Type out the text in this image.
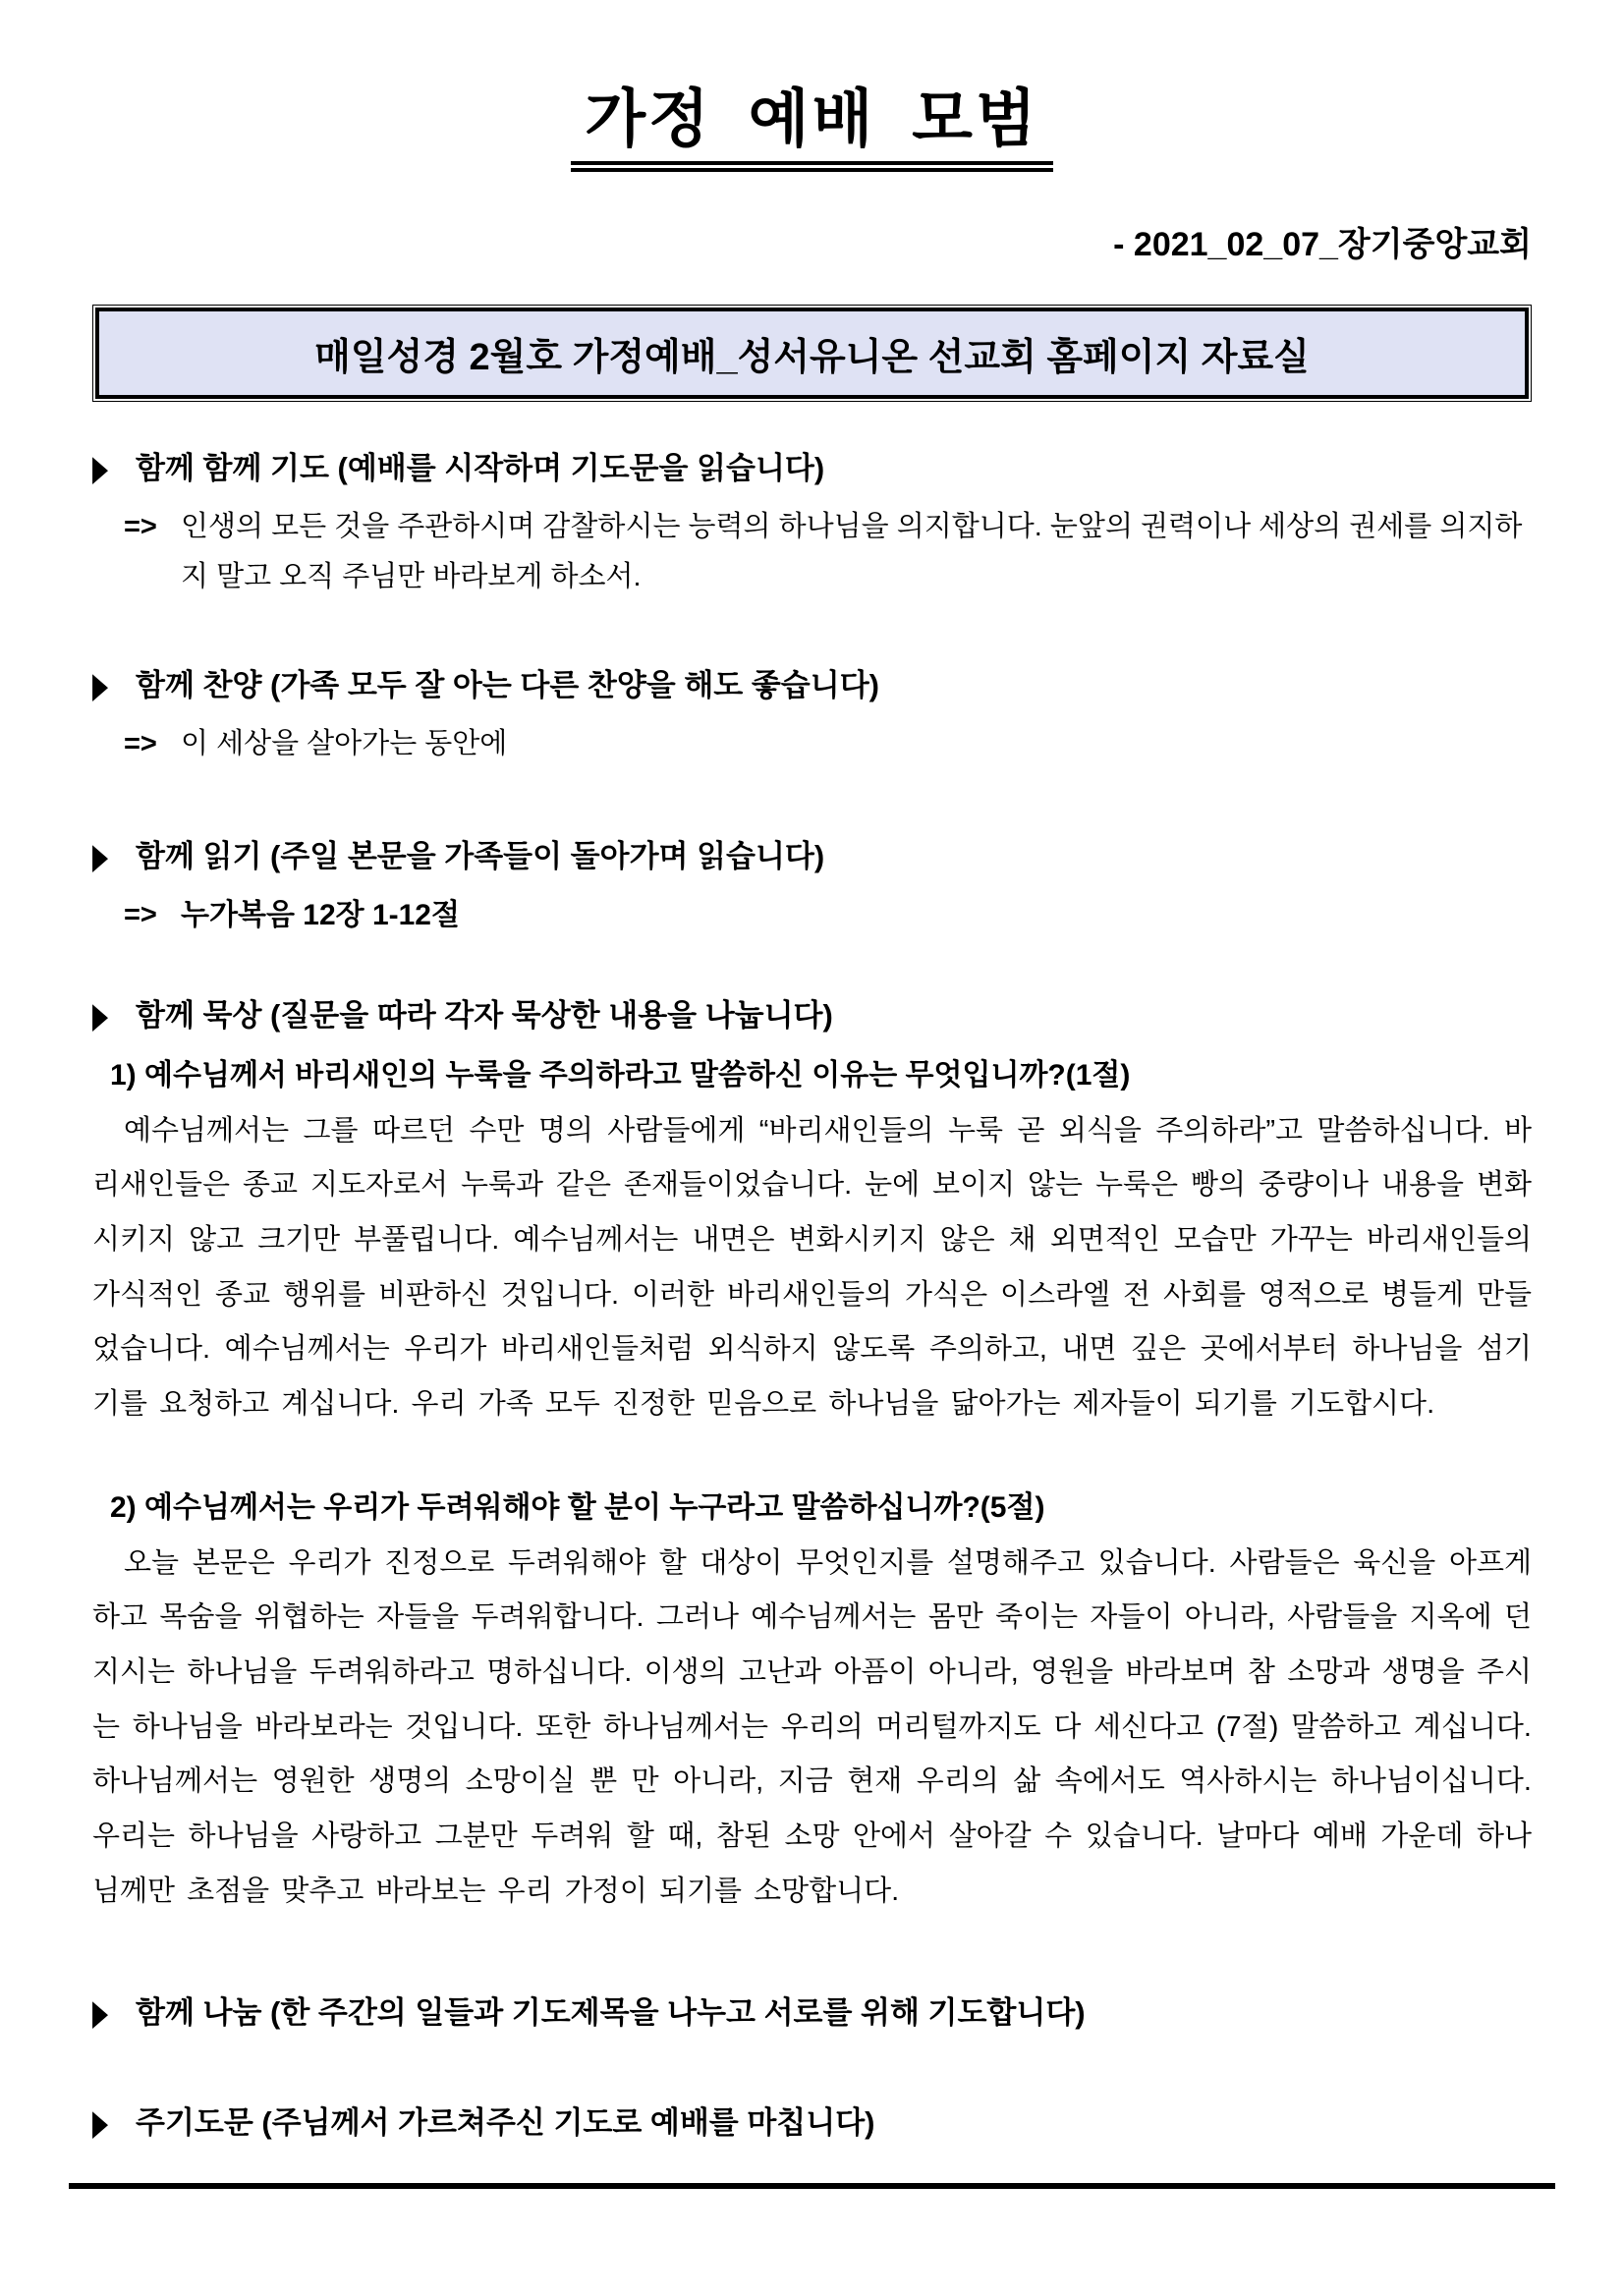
가정 예배 모범
- 2021_02_07_장기중앙교회
매일성경 2월호 가정예배_성서유니온 선교회 홈페이지 자료실
▶ 함께 함께 기도 (예배를 시작하며 기도문을 읽습니다)
=> 인생의 모든 것을 주관하시며 감찰하시는 능력의 하나님을 의지합니다. 눈앞의 권력이나 세상의 권세를 의지하지 말고 오직 주님만 바라보게 하소서.
▶ 함께 찬양 (가족 모두 잘 아는 다른 찬양을 해도 좋습니다)
=> 이 세상을 살아가는 동안에
▶ 함께 읽기 (주일 본문을 가족들이 돌아가며 읽습니다)
=> 누가복음 12장 1-12절
▶ 함께 묵상 (질문을 따라 각자 묵상한 내용을 나눕니다)
1) 예수님께서 바리새인의 누룩을 주의하라고 말씀하신 이유는 무엇입니까?(1절)

예수님께서는 그를 따르던 수만 명의 사람들에게 “바리새인들의 누룩 곧 외식을 주의하라”고 말씀하십니다. 바리새인들은 종교 지도자로서 누룩과 같은 존재들이었습니다. 눈에 보이지 않는 누룩은 빵의 중량이나 내용을 변화시키지 않고 크기만 부풀립니다. 예수님께서는 내면은 변화시키지 않은 채 외면적인 모습만 가꾸는 바리새인들의 가식적인 종교 행위를 비판하신 것입니다. 이러한 바리새인들의 가식은 이스라엘 전 사회를 영적으로 병들게 만들었습니다. 예수님께서는 우리가 바리새인들처럼 외식하지 않도록 주의하고, 내면 깊은 곳에서부터 하나님을 섬기기를 요청하고 계십니다. 우리 가족 모두 진정한 믿음으로 하나님을 닮아가는 제자들이 되기를 기도합시다.

2) 예수님께서는 우리가 두려워해야 할 분이 누구라고 말씀하십니까?(5절)

오늘 본문은 우리가 진정으로 두려워해야 할 대상이 무엇인지를 설명해주고 있습니다. 사람들은 육신을 아프게 하고 목숨을 위협하는 자들을 두려워합니다. 그러나 예수님께서는 몸만 죽이는 자들이 아니라, 사람들을 지옥에 던지시는 하나님을 두려워하라고 명하십니다. 이생의 고난과 아픔이 아니라, 영원을 바라보며 참 소망과 생명을 주시는 하나님을 바라보라는 것입니다. 또한 하나님께서는 우리의 머리털까지도 다 세신다고 (7절) 말씀하고 계십니다. 하나님께서는 영원한 생명의 소망이실 뿐 만 아니라, 지금 현재 우리의 삶 속에서도 역사하시는 하나님이십니다. 우리는 하나님을 사랑하고 그분만 두려워 할 때, 참된 소망 안에서 살아갈 수 있습니다. 날마다 예배 가운데 하나님께만 초점을 맞추고 바라보는 우리 가정이 되기를 소망합니다.

▶ 함께 나눔 (한 주간의 일들과 기도제목을 나누고 서로를 위해 기도합니다)
▶ 주기도문 (주님께서 가르쳐주신 기도로 예배를 마칩니다)
